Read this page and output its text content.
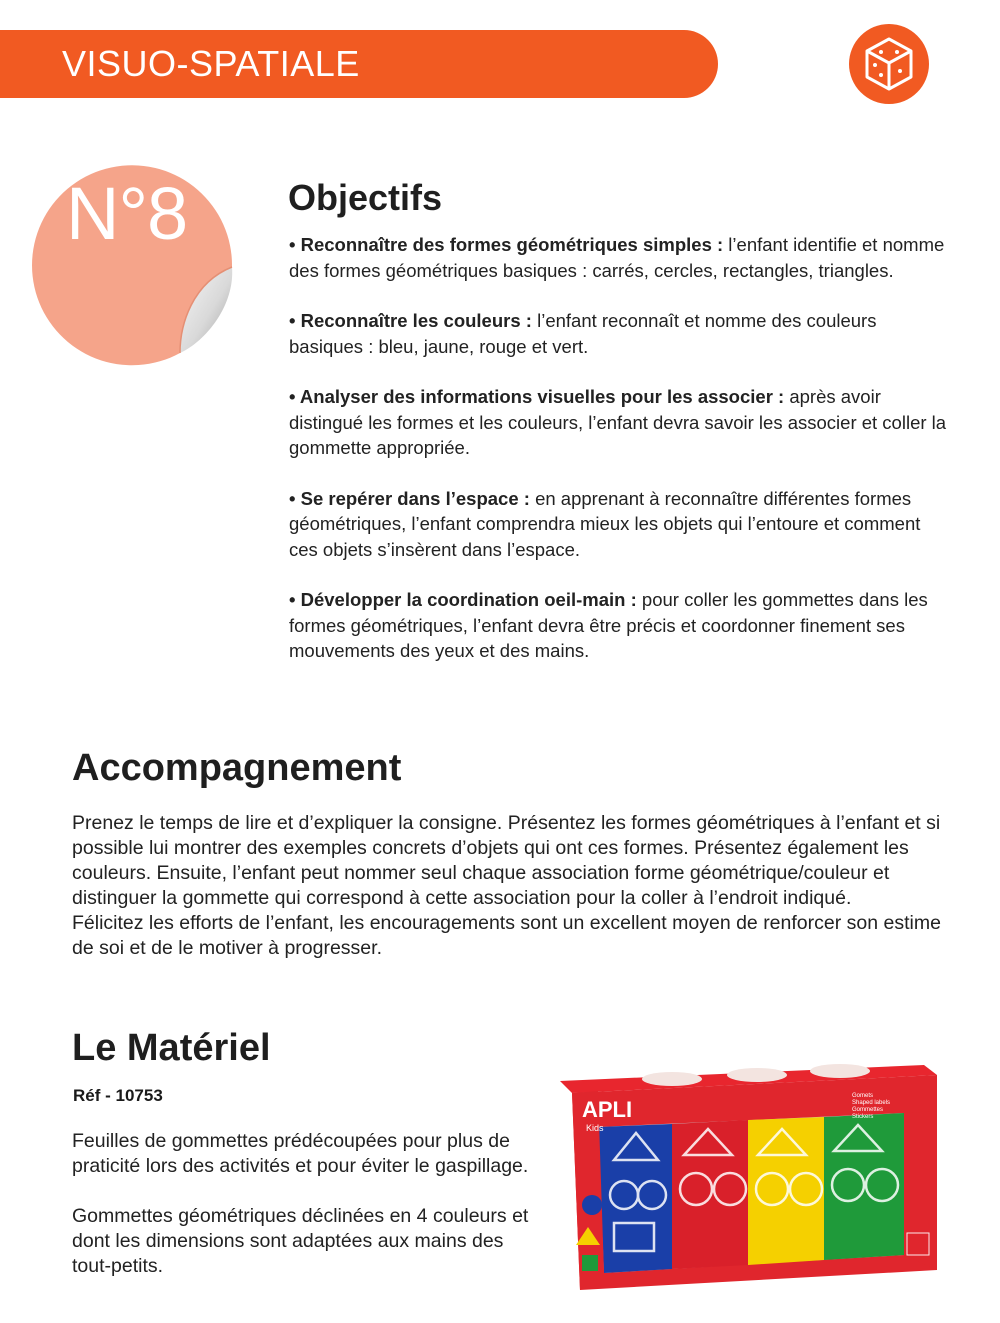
VISUO-SPATIALE
N°8	Objectifs

• Reconnaître des formes géométriques simples : l’enfant identifie et nomme des formes géométriques basiques : carrés, cercles, rectangles, triangles.

• Reconnaître les couleurs : l’enfant reconnaît et nomme des couleurs basiques : bleu, jaune, rouge et vert.

• Analyser des informations visuelles pour les associer : après avoir distingué les formes et les couleurs, l’enfant devra savoir les associer et coller la gommette appropriée.

• Se repérer dans l’espace : en apprenant à reconnaître différentes formes géométriques, l’enfant comprendra mieux les objets qui l’entoure et comment ces objets s’insèrent dans l’espace.

• Développer la coordination oeil-main : pour coller les gommettes dans les formes géométriques, l’enfant devra être précis et coordonner finement ses mouvements des yeux et des mains.

Accompagnement

Prenez le temps de lire et d’expliquer la consigne. Présentez les formes géométriques à l’enfant et si possible lui montrer des exemples concrets d’objets qui ont ces formes. Présentez également les couleurs. Ensuite, l’enfant peut nommer seul chaque association forme géométrique/couleur et distinguer la gommette qui correspond à cette association pour la coller à l’endroit indiqué.

Félicitez les efforts de l’enfant, les encouragements sont un excellent moyen de renforcer son estime de soi et de le motiver à progresser.

Le Matériel
Réf - 10753

Feuilles de gommettes prédécoupées pour plus de praticité lors des activités et pour éviter le gaspillage.

Gommettes géométriques déclinées en 4 couleurs et dont les dimensions sont adaptées aux mains des tout-petits.

APLI
Kids
Gomets
Shaped labels
Gommettes
Stickers
